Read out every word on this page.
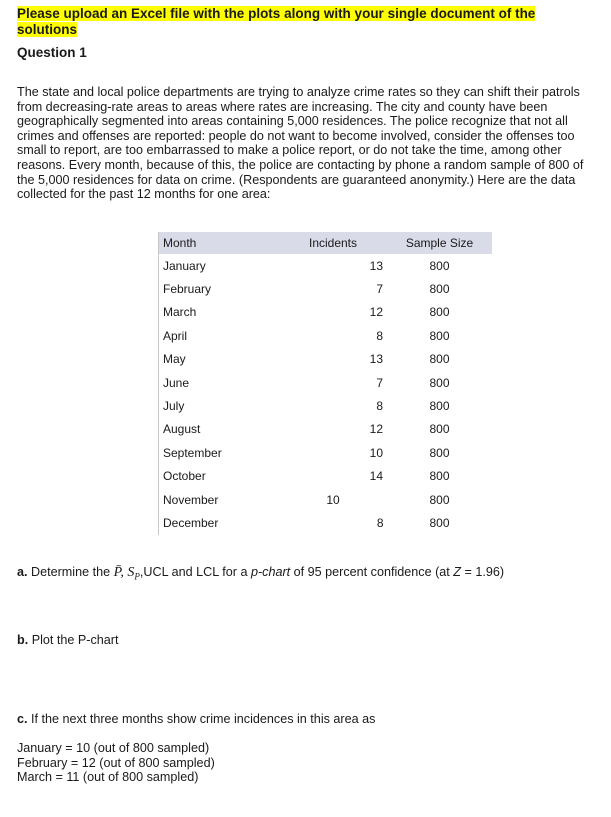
Please upload an Excel file with the plots along with your single document of the solutions
Question 1

The state and local police departments are trying to analyze crime rates so they can shift their patrols from decreasing-rate areas to areas where rates are increasing. The city and county have been geographically segmented into areas containing 5,000 residences. The police recognize that not all crimes and offenses are reported: people do not want to become involved, consider the offenses too small to report, are too embarrassed to make a police report, or do not take the time, among other reasons. Every month, because of this, the police are contacting by phone a random sample of 800 of the 5,000 residences for data on crime. (Respondents are guaranteed anonymity.) Here are the data collected for the past 12 months for one area:

Month	Incidents	Sample Size
January	13	800
February	7	800
March	12	800
April	8	800
May	13	800
June	7	800
July	8	800
August	12	800
September	10	800
October	14	800
November	10	800
December	8	800
a. Determine the P̄, $S_P,UCL$ and LCL for a p-chart of 95 percent confidence (at Z = 1.96)
b. Plot the P-chart
c. If the next three months show crime incidences in this area as
January = 10 (out of 800 sampled)
February = 12 (out of 800 sampled)
March = 11 (out of 800 sampled)
